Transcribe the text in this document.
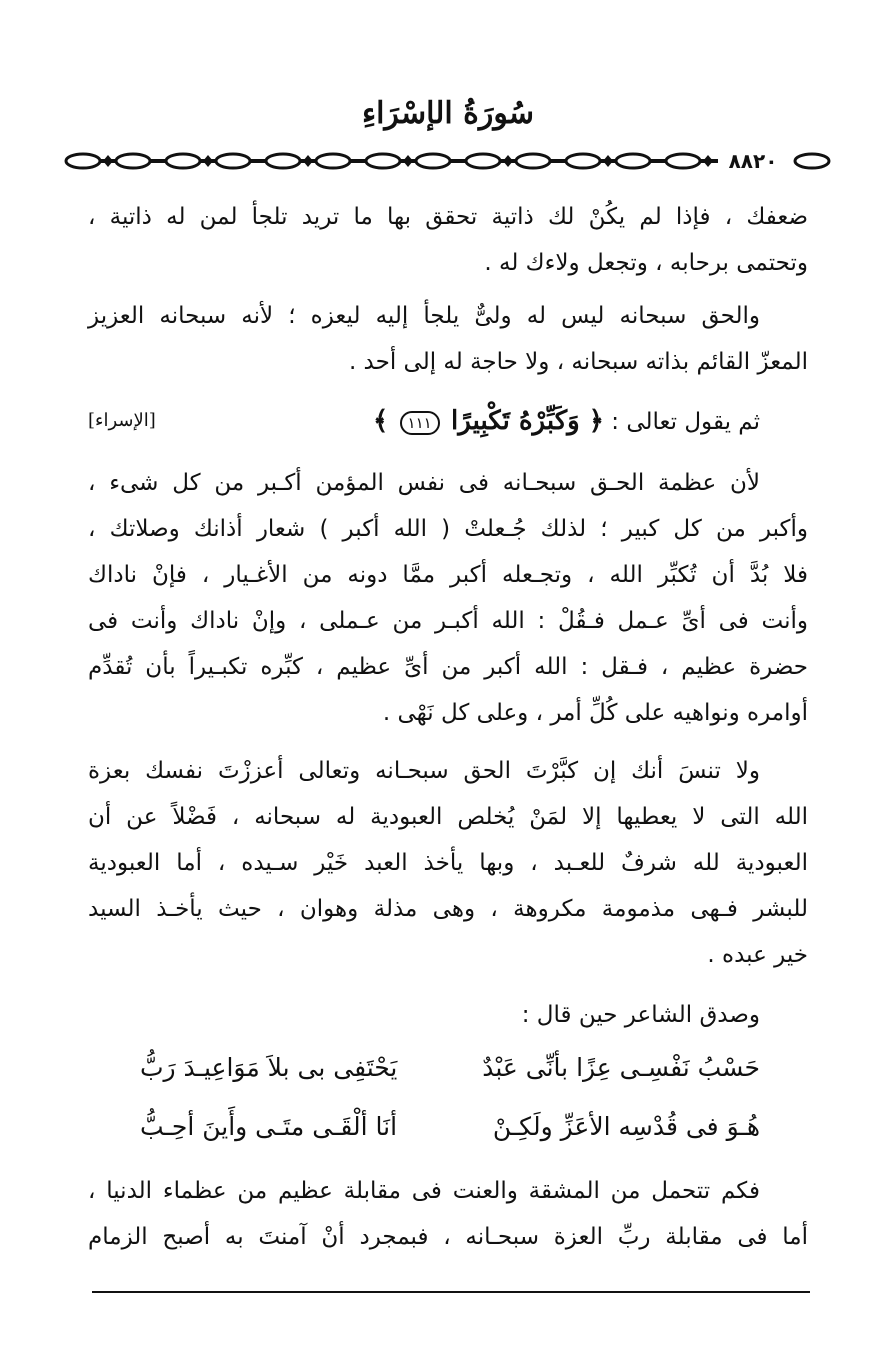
سُورَةُ الإسْرَاءِ
٨٨٢٠
ضعفك ، فإذا لم يكُنْ لك ذاتية تحقق بها ما تريد تلجأ لمن له ذاتية ،
وتحتمى برحابه ، وتجعل ولاءك له .
والحق سبحانه ليس له ولىٌّ يلجأ إليه ليعزه ؛ لأنه سبحانه العزيز
المعزّ القائم بذاته سبحانه ، ولا حاجة له إلى أحد .
ثم يقول تعالى : ﴿ وَكَبِّرْهُ تَكْبِيرًا ١١١ ﴾
[الإسراء]
لأن عظمة الحـق سبحـانه فى نفس المؤمن أكـبر من كل شىء ،
وأكبر من كل كبير ؛ لذلك جُـعلتْ ( الله أكبر ) شعار أذانك وصلاتك ،
فلا بُدَّ أن تُكبِّر الله ، وتجـعله أكبر ممَّا دونه من الأغـيار ، فإنْ ناداك
وأنت فى أىِّ عـمل فـقُلْ : الله أكبـر من عـملى ، وإنْ ناداك وأنت فى
حضرة عظيم ، فـقل : الله أكبر من أىِّ عظيم ، كبِّره تكبـيراً بأن تُقدِّم
أوامره ونواهيه على كُلِّ أمر ، وعلى كل نَهْى .
ولا تنسَ أنك إن كبَّرْتَ الحق سبحـانه وتعالى أعززْتَ نفسك بعزة
الله التى لا يعطيها إلا لمَنْ يُخلص العبودية له سبحانه ، فَضْلاً عن أن
العبودية لله شرفٌ للعـبد ، وبها يأخذ العبد خَيْر سـيده ، أما العبودية
للبشر فـهى مذمومة مكروهة ، وهى مذلة وهوان ، حيث يأخـذ السيد
خير عبده .
وصدق الشاعر حين قال :
حَسْبُ نَفْسِـى عِزًا بأنِّى عَبْدٌ
يَحْتَفِى بى بلاَ مَوَاعِيـدَ رَبُّ
هُـوَ فى قُدْسِه الأعَزِّ ولَكِـنْ
أنَا ألْقَـى متَـى وأَينَ أحِـبُّ
فكم تتحمل من المشقة والعنت فى مقابلة عظيم من عظماء الدنيا ،
أما فى مقابلة ربِّ العزة سبحـانه ، فبمجرد أنْ آمنتَ به أصبح الزمام
